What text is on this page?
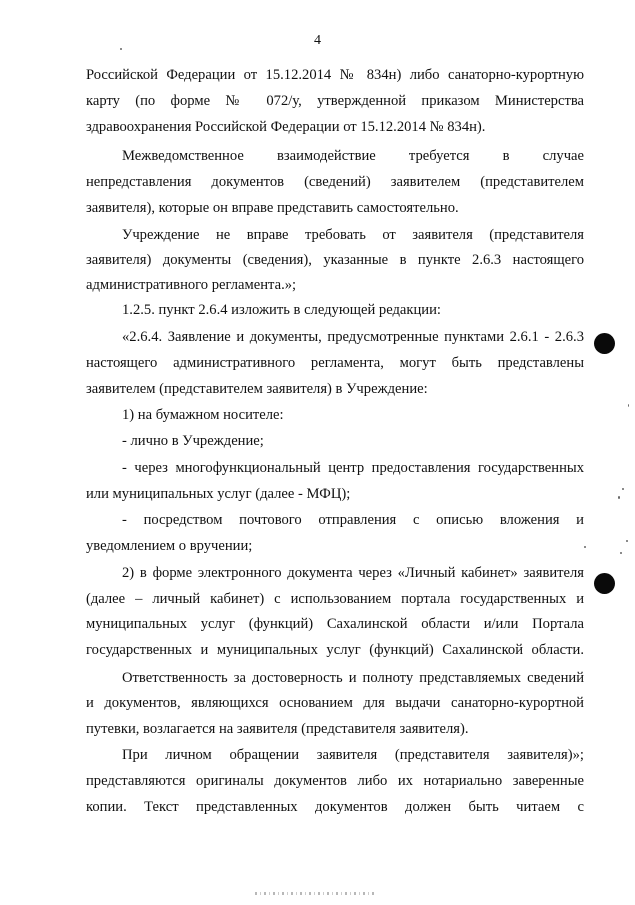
4
Российской Федерации от 15.12.2014 № 834н) либо санаторно-курортную
карту (по форме № 072/у, утвержденной приказом Министерства
здравоохранения Российской Федерации от 15.12.2014 № 834н).
Межведомственное взаимодействие требуется в случае
непредставления документов (сведений) заявителем (представителем
заявителя), которые он вправе представить самостоятельно.
Учреждение не вправе требовать от заявителя (представителя
заявителя) документы (сведения), указанные в пункте 2.6.3 настоящего
административного регламента.»;
1.2.5. пункт 2.6.4 изложить в следующей редакции:
«2.6.4. Заявление и документы, предусмотренные пунктами 2.6.1 - 2.6.3
настоящего административного регламента, могут быть представлены
заявителем (представителем заявителя) в Учреждение:
1) на бумажном носителе:
- лично в Учреждение;
- через многофункциональный центр предоставления государственных
или муниципальных услуг (далее - МФЦ);
- посредством почтового отправления с описью вложения и
уведомлением о вручении;
2) в форме электронного документа через «Личный кабинет» заявителя
(далее – личный кабинет) с использованием портала государственных и
муниципальных услуг (функций) Сахалинской области и/или Портала
государственных и муниципальных услуг (функций) Сахалинской области.
Ответственность за достоверность и полноту представляемых сведений
и документов, являющихся основанием для выдачи санаторно-курортной
путевки, возлагается на заявителя (представителя заявителя).
При личном обращении заявителя (представителя заявителя)»;
представляются оригиналы документов либо их нотариально заверенные
копии. Текст представленных документов должен быть читаем с
